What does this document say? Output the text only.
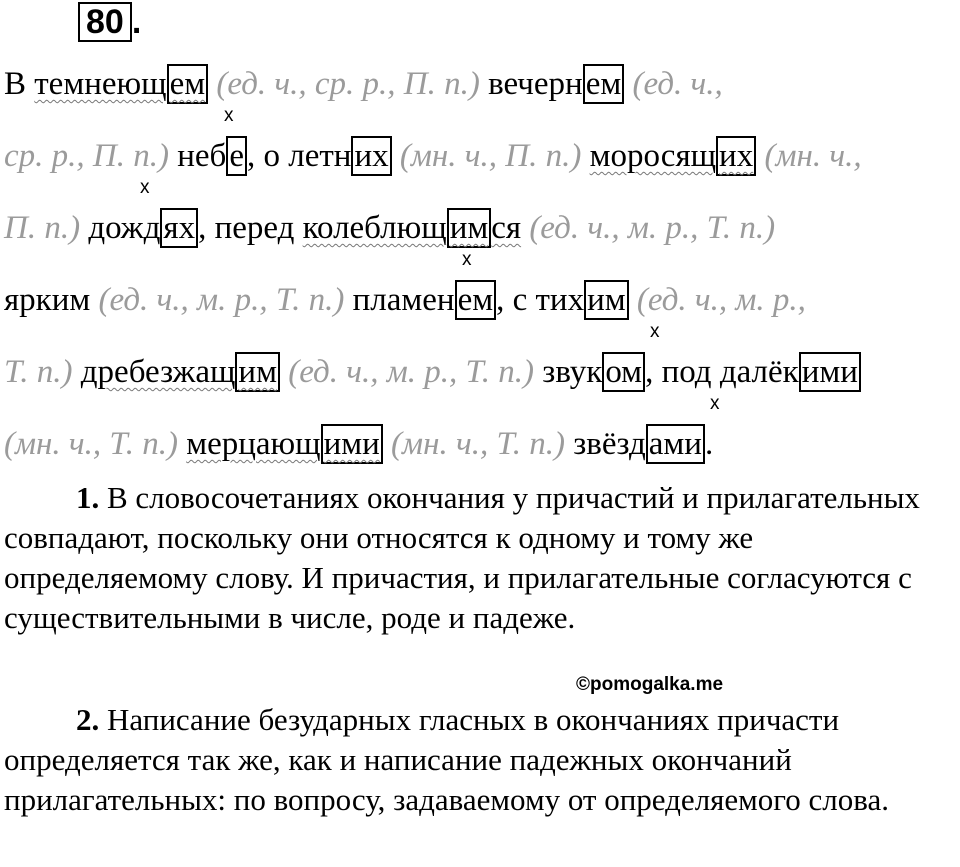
80 .
В темнеющем (ед. ч., ср. р., П. п.) вечернем (ед. ч.,
ср. р., П. п.) небе, о летних (мн. ч., П. п.) моросящих (мн. ч.,
П. п.) дождях, перед колеблющимся (ед. ч., м. р., Т. п.)
ярким (ед. ч., м. р., Т. п.) пламенем, с тихим (ед. ч., м. р.,
Т. п.) дребезжащим (ед. ч., м. р., Т. п.) звуком, под далёкими
(мн. ч., Т. п.) мерцающими (мн. ч., Т. п.) звёздами.
x
x
x
x
x

1. В словосочетаниях окончания у причастий и прилагательных совпадают, поскольку они относятся к одному и тому же определяемому слову. И причастия, и прилагательные согласуются с существительными в числе, роде и падеже.

©pomogalka.me

2. Написание безударных гласных в окончаниях причасти определяется так же, как и написание падежных окончаний прилагательных: по вопросу, задаваемому от определяемого слова.
